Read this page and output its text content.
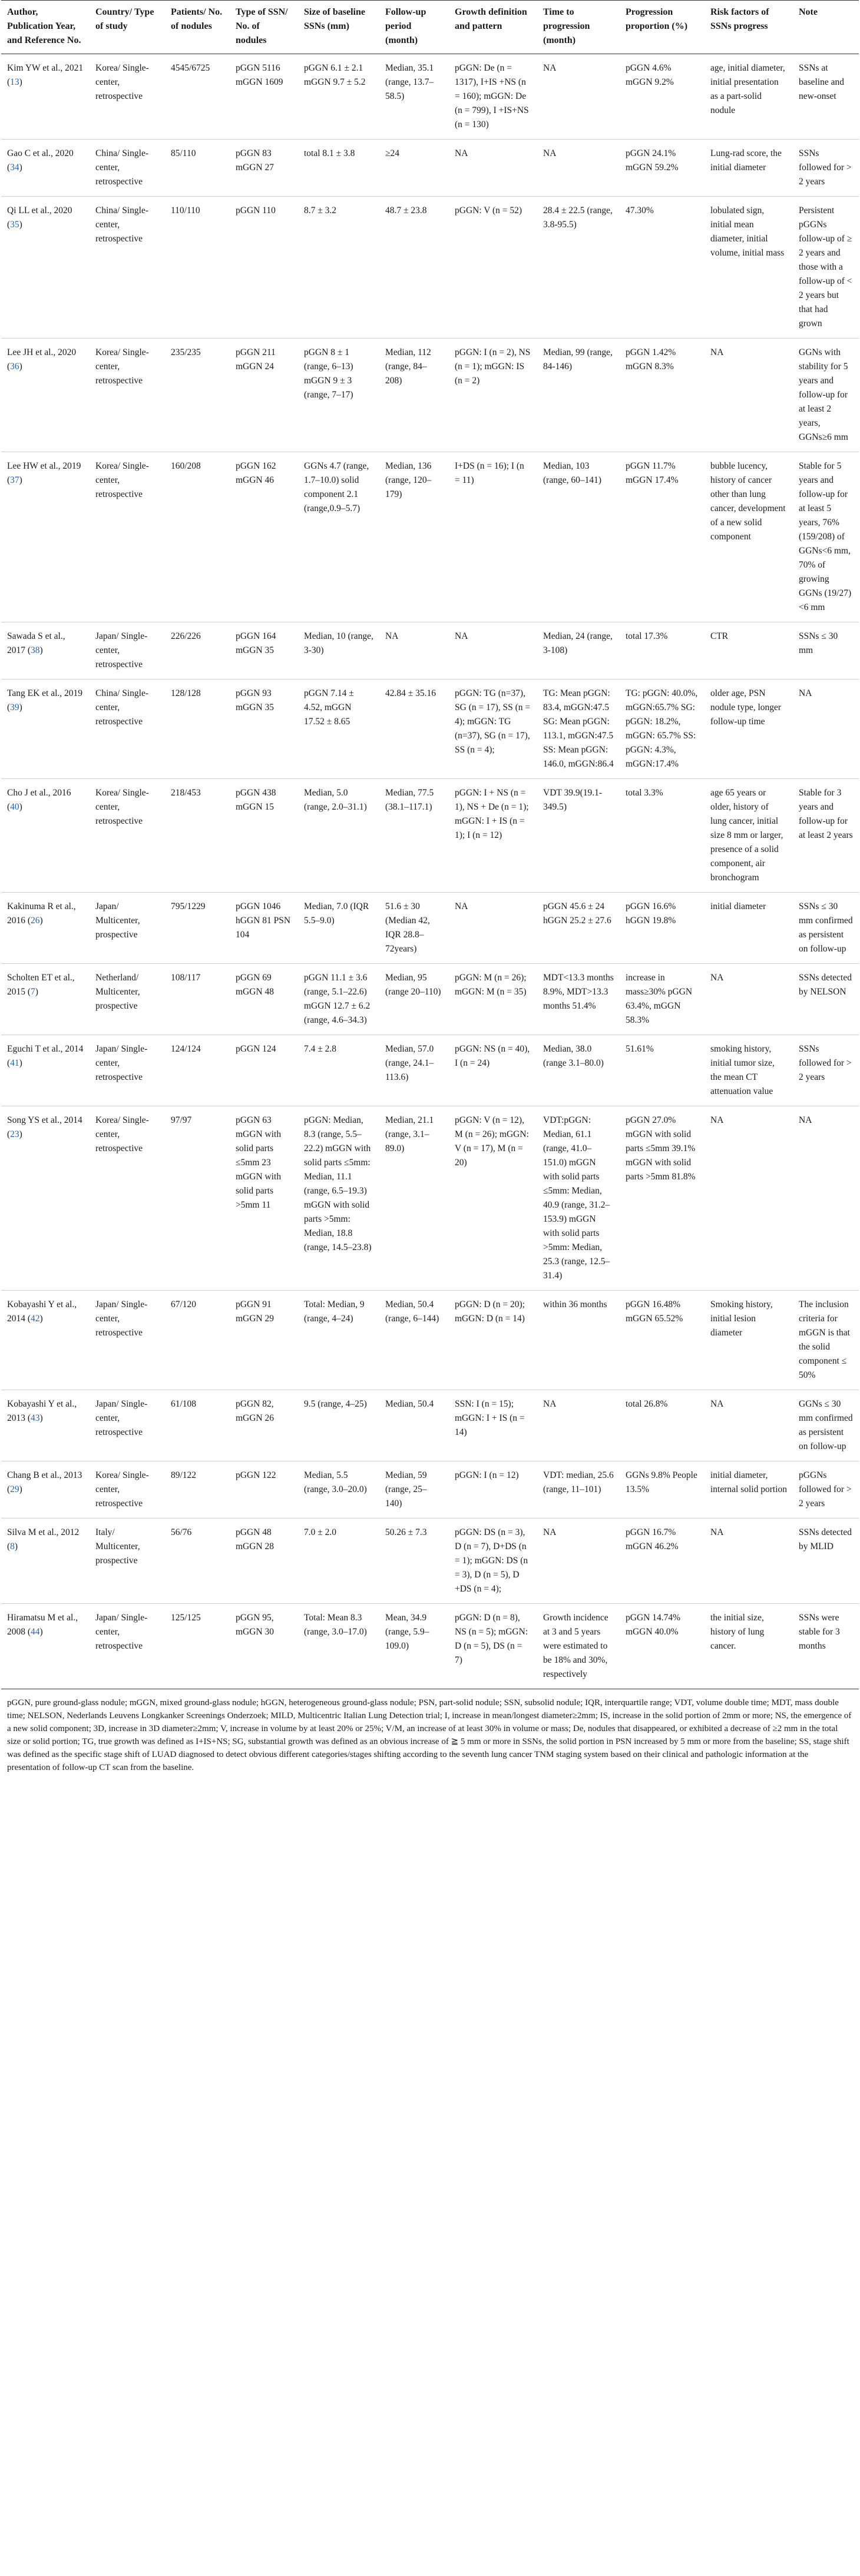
Author, Publication Year, and Reference No.	Country/ Type of study	Patients/ No. of nodules	Type of SSN/ No. of nodules	Size of baseline SSNs (mm)	Follow-up period (month)	Growth definition and pattern	Time to progression (month)	Progression proportion (%)	Risk factors of SSNs progress	Note
Kim YW et al., 2021 (13)	Korea/ Single-center, retrospective	4545/6725	pGGN 5116 mGGN 1609	pGGN 6.1 ± 2.1 mGGN 9.7 ± 5.2	Median, 35.1 (range, 13.7–58.5)	pGGN: De (n = 1317), I+IS +NS (n = 160); mGGN: De (n = 799), I +IS+NS (n = 130)	NA	pGGN 4.6% mGGN 9.2%	age, initial diameter, initial presentation as a part-solid nodule	SSNs at baseline and new-onset
Gao C et al., 2020 (34)	China/ Single-center, retrospective	85/110	pGGN 83 mGGN 27	total 8.1 ± 3.8	≥24	NA	NA	pGGN 24.1% mGGN 59.2%	Lung-rad score, the initial diameter	SSNs followed for > 2 years
Qi LL et al., 2020 (35)	China/ Single-center, retrospective	110/110	pGGN 110	8.7 ± 3.2	48.7 ± 23.8	pGGN: V (n = 52)	28.4 ± 22.5 (range, 3.8-95.5)	47.30%	lobulated sign, initial mean diameter, initial volume, initial mass	Persistent pGGNs follow-up of ≥ 2 years and those with a follow-up of < 2 years but that had grown
Lee JH et al., 2020 (36)	Korea/ Single-center, retrospective	235/235	pGGN 211 mGGN 24	pGGN 8 ± 1 (range, 6–13) mGGN 9 ± 3 (range, 7–17)	Median, 112 (range, 84–208)	pGGN: I (n = 2), NS (n = 1); mGGN: IS (n = 2)	Median, 99 (range, 84-146)	pGGN 1.42% mGGN 8.3%	NA	GGNs with stability for 5 years and follow-up for at least 2 years, GGNs≥6 mm
Lee HW et al., 2019 (37)	Korea/ Single-center, retrospective	160/208	pGGN 162 mGGN 46	GGNs 4.7 (range, 1.7–10.0) solid component 2.1 (range,0.9–5.7)	Median, 136 (range, 120–179)	I+DS (n = 16); I (n = 11)	Median, 103 (range, 60–141)	pGGN 11.7% mGGN 17.4%	bubble lucency, history of cancer other than lung cancer, development of a new solid component	Stable for 5 years and follow-up for at least 5 years, 76% (159/208) of GGNs<6 mm, 70% of growing GGNs (19/27) <6 mm
Sawada S et al., 2017 (38)	Japan/ Single-center, retrospective	226/226	pGGN 164 mGGN 35	Median, 10 (range, 3-30)	NA	NA	Median, 24 (range, 3-108)	total 17.3%	CTR	SSNs ≤ 30 mm
Tang EK et al., 2019 (39)	China/ Single-center, retrospective	128/128	pGGN 93 mGGN 35	pGGN 7.14 ± 4.52, mGGN 17.52 ± 8.65	42.84 ± 35.16	pGGN: TG (n=37), SG (n = 17), SS (n = 4); mGGN: TG (n=37), SG (n = 17), SS (n = 4);	TG: Mean pGGN: 83.4, mGGN:47.5 SG: Mean pGGN: 113.1, mGGN:47.5 SS: Mean pGGN: 146.0, mGGN:86.4	TG: pGGN: 40.0%, mGGN:65.7% SG: pGGN: 18.2%, mGGN: 65.7% SS: pGGN: 4.3%, mGGN:17.4%	older age, PSN nodule type, longer follow-up time	NA
Cho J et al., 2016 (40)	Korea/ Single-center, retrospective	218/453	pGGN 438 mGGN 15	Median, 5.0 (range, 2.0–31.1)	Median, 77.5 (38.1–117.1)	pGGN: I + NS (n = 1), NS + De (n = 1); mGGN: I + IS (n = 1); I (n = 12)	VDT 39.9(19.1-349.5)	total 3.3%	age 65 years or older, history of lung cancer, initial size 8 mm or larger, presence of a solid component, air bronchogram	Stable for 3 years and follow-up for at least 2 years
Kakinuma R et al., 2016 (26)	Japan/ Multicenter, prospective	795/1229	pGGN 1046 hGGN 81 PSN 104	Median, 7.0 (IQR 5.5–9.0)	51.6 ± 30 (Median 42, IQR 28.8–72years)	NA	pGGN 45.6 ± 24 hGGN 25.2 ± 27.6	pGGN 16.6% hGGN 19.8%	initial diameter	SSNs ≤ 30 mm confirmed as persistent on follow-up
Scholten ET et al., 2015 (7)	Netherland/ Multicenter, prospective	108/117	pGGN 69 mGGN 48	pGGN 11.1 ± 3.6 (range, 5.1–22.6) mGGN 12.7 ± 6.2 (range, 4.6–34.3)	Median, 95 (range 20–110)	pGGN: M (n = 26); mGGN: M (n = 35)	MDT<13.3 months 8.9%, MDT>13.3 months 51.4%	increase in mass≥30% pGGN 63.4%, mGGN 58.3%	NA	SSNs detected by NELSON
Eguchi T et al., 2014 (41)	Japan/ Single-center, retrospective	124/124	pGGN 124	7.4 ± 2.8	Median, 57.0 (range, 24.1–113.6)	pGGN: NS (n = 40), I (n = 24)	Median, 38.0 (range 3.1–80.0)	51.61%	smoking history, initial tumor size, the mean CT attenuation value	SSNs followed for > 2 years
Song YS et al., 2014 (23)	Korea/ Single-center, retrospective	97/97	pGGN 63 mGGN with solid parts ≤5mm 23 mGGN with solid parts >5mm 11	pGGN: Median, 8.3 (range, 5.5–22.2) mGGN with solid parts ≤5mm: Median, 11.1 (range, 6.5–19.3) mGGN with solid parts >5mm: Median, 18.8 (range, 14.5–23.8)	Median, 21.1 (range, 3.1–89.0)	pGGN: V (n = 12), M (n = 26); mGGN: V (n = 17), M (n = 20)	VDT:pGGN: Median, 61.1 (range, 41.0–151.0) mGGN with solid parts ≤5mm: Median, 40.9 (range, 31.2–153.9) mGGN with solid parts >5mm: Median, 25.3 (range, 12.5–31.4)	pGGN 27.0% mGGN with solid parts ≤5mm 39.1% mGGN with solid parts >5mm 81.8%	NA	NA
Kobayashi Y et al., 2014 (42)	Japan/ Single-center, retrospective	67/120	pGGN 91 mGGN 29	Total: Median, 9 (range, 4–24)	Median, 50.4 (range, 6–144)	pGGN: D (n = 20); mGGN: D (n = 14)	within 36 months	pGGN 16.48% mGGN 65.52%	Smoking history, initial lesion diameter	The inclusion criteria for mGGN is that the solid component ≤ 50%
Kobayashi Y et al., 2013 (43)	Japan/ Single-center, retrospective	61/108	pGGN 82, mGGN 26	9.5 (range, 4–25)	Median, 50.4	SSN: I (n = 15); mGGN: I + IS (n = 14)	NA	total 26.8%	NA	GGNs ≤ 30 mm confirmed as persistent on follow-up
Chang B et al., 2013 (29)	Korea/ Single-center, retrospective	89/122	pGGN 122	Median, 5.5 (range, 3.0–20.0)	Median, 59 (range, 25–140)	pGGN: I (n = 12)	VDT: median, 25.6 (range, 11–101)	GGNs 9.8% People 13.5%	initial diameter, internal solid portion	pGGNs followed for > 2 years
Silva M et al., 2012 (8)	Italy/ Multicenter, prospective	56/76	pGGN 48 mGGN 28	7.0 ± 2.0	50.26 ± 7.3	pGGN: DS (n = 3), D (n = 7), D+DS (n = 1); mGGN: DS (n = 3), D (n = 5), D +DS (n = 4);	NA	pGGN 16.7% mGGN 46.2%	NA	SSNs detected by MLID
Hiramatsu M et al., 2008 (44)	Japan/ Single-center, retrospective	125/125	pGGN 95, mGGN 30	Total: Mean 8.3 (range, 3.0–17.0)	Mean, 34.9 (range, 5.9–109.0)	pGGN: D (n = 8), NS (n = 5); mGGN: D (n = 5), DS (n = 7)	Growth incidence at 3 and 5 years were estimated to be 18% and 30%, respectively	pGGN 14.74% mGGN 40.0%	the initial size, history of lung cancer.	SSNs were stable for 3 months
pGGN, pure ground-glass nodule; mGGN, mixed ground-glass nodule; hGGN, heterogeneous ground-glass nodule; PSN, part-solid nodule; SSN, subsolid nodule; IQR, interquartile range; VDT, volume double time; MDT, mass double time; NELSON, Nederlands Leuvens Longkanker Screenings Onderzoek; MILD, Multicentric Italian Lung Detection trial; I, increase in mean/longest diameter≥2mm; IS, increase in the solid portion of 2mm or more; NS, the emergence of a new solid component; 3D, increase in 3D diameter≥2mm; V, increase in volume by at least 20% or 25%; V/M, an increase of at least 30% in volume or mass; De, nodules that disappeared, or exhibited a decrease of ≥2 mm in the total size or solid portion; TG, true growth was defined as I+IS+NS; SG, substantial growth was defined as an obvious increase of ≧ 5 mm or more in SSNs, the solid portion in PSN increased by 5 mm or more from the baseline; SS, stage shift was defined as the specific stage shift of LUAD diagnosed to detect obvious different categories/stages shifting according to the seventh lung cancer TNM staging system based on their clinical and pathologic information at the presentation of follow-up CT scan from the baseline.
